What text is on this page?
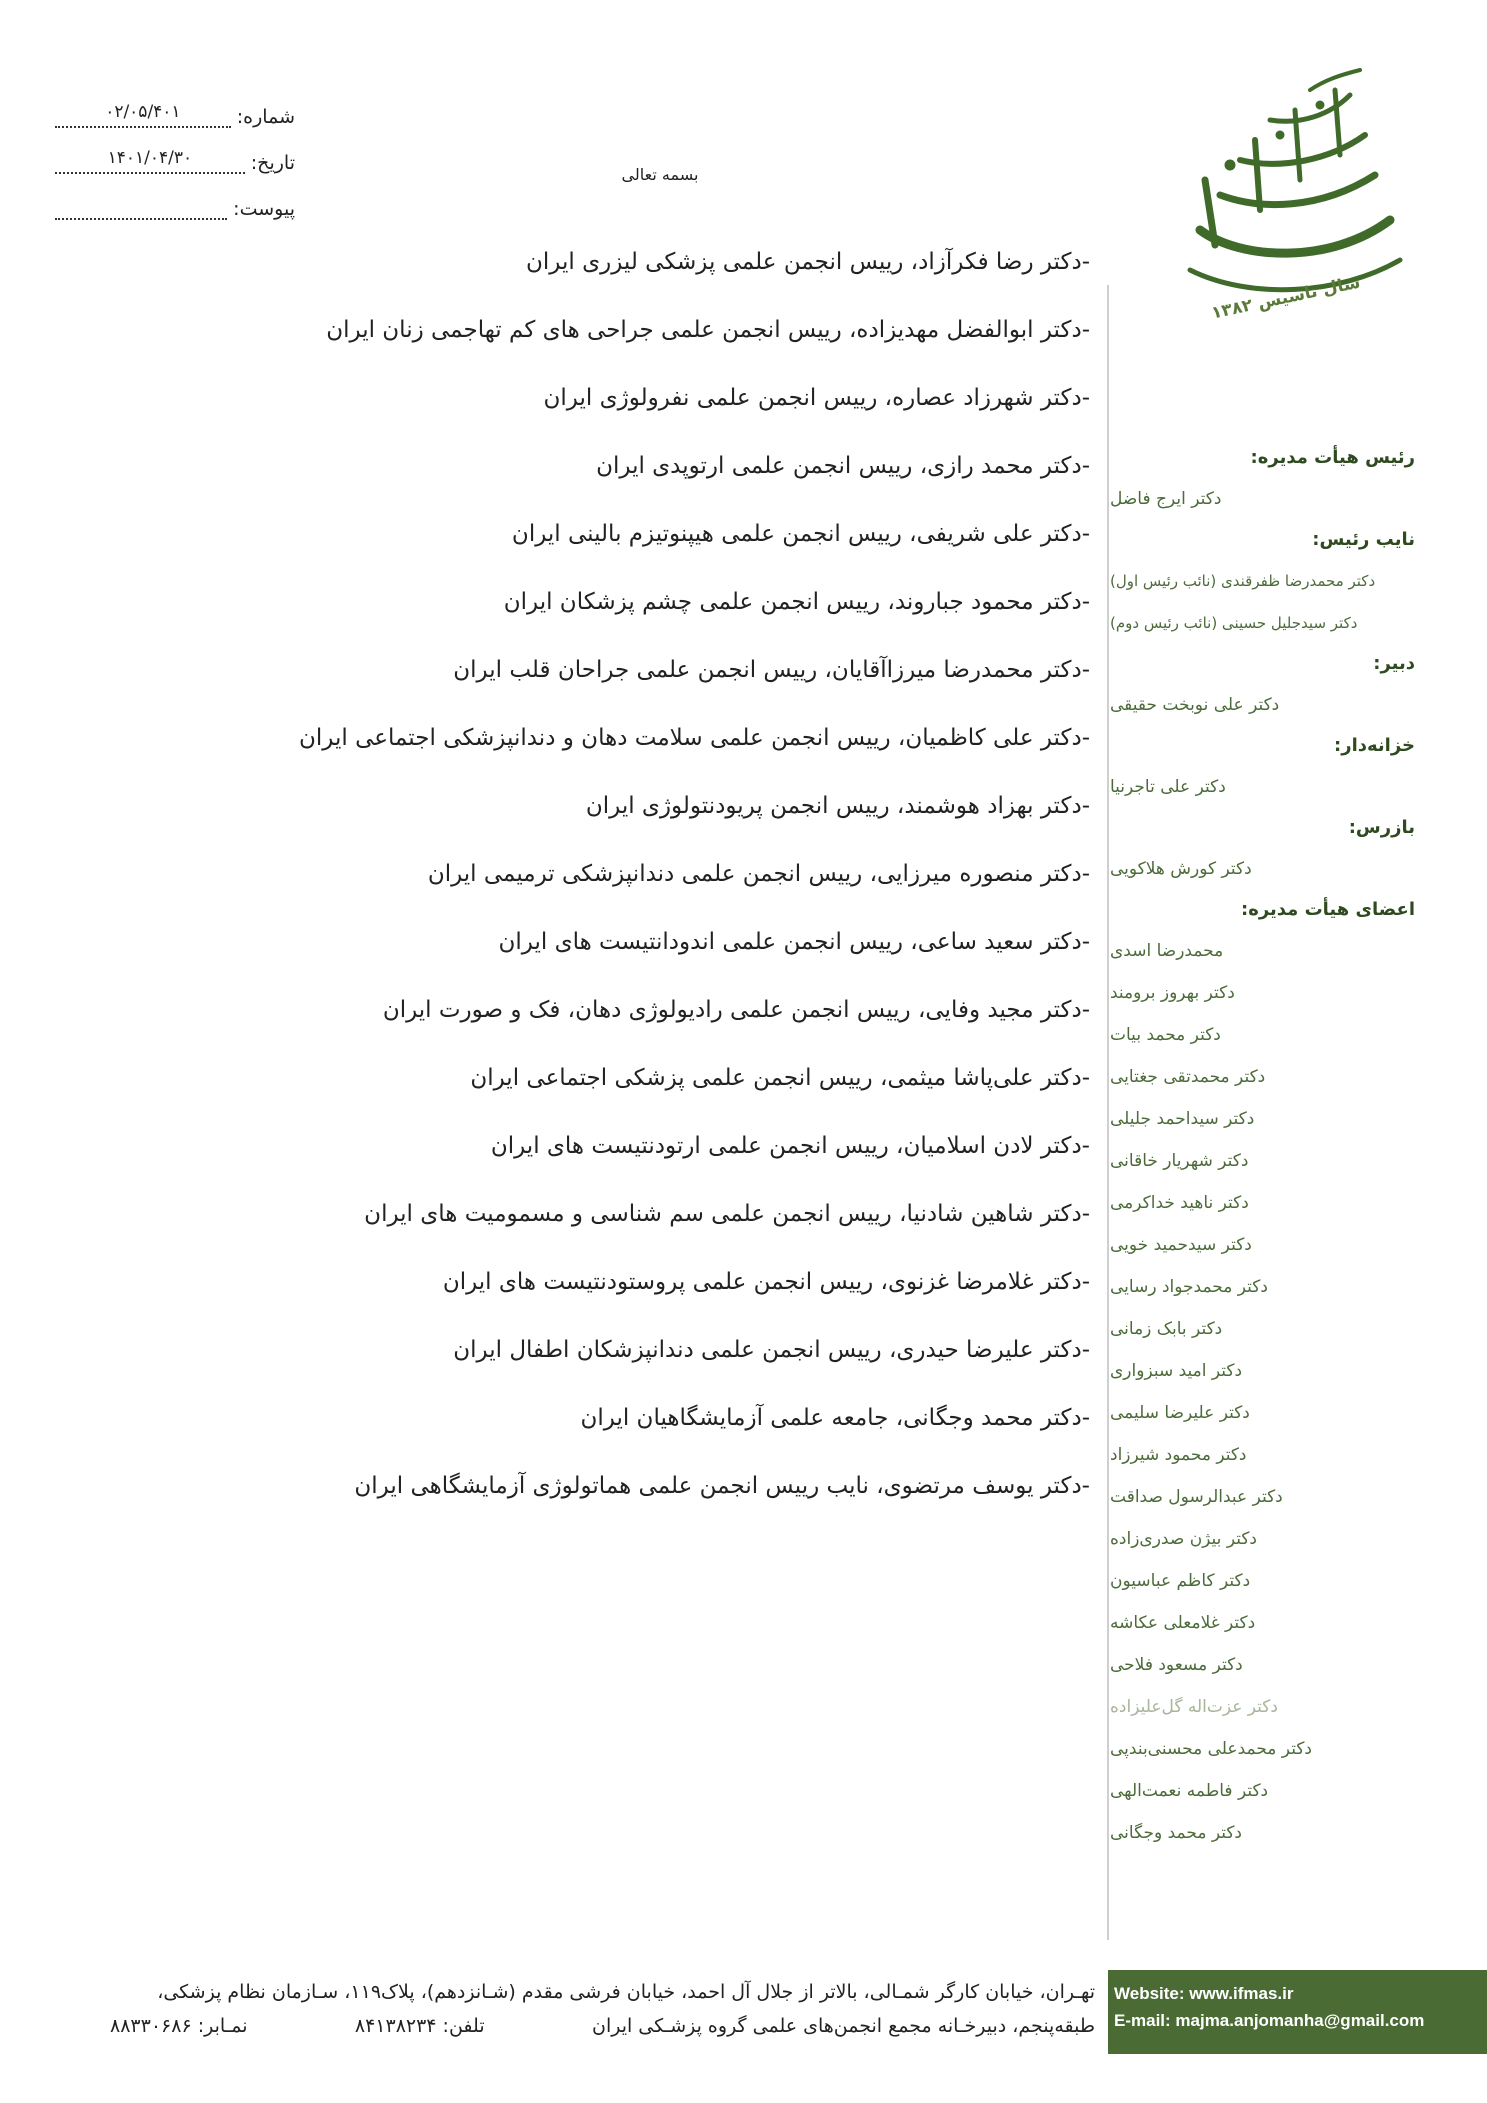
سال تاسیس ۱۳۸۲
شماره:
۰۲/۰۵/۴۰۱
تاریخ:
۱۴۰۱/۰۴/۳۰
پیوست:
بسمه تعالی
-دکتر رضا فکرآزاد، رییس انجمن علمی پزشکی لیزری ایران
-دکتر ابوالفضل مهدیزاده، رییس انجمن علمی جراحی های کم تهاجمی زنان ایران
-دکتر شهرزاد عصاره، رییس انجمن علمی نفرولوژی ایران
-دکتر محمد رازی، رییس انجمن علمی ارتوپدی ایران
-دکتر علی شریفی، رییس انجمن علمی هیپنوتیزم بالینی ایران
-دکتر محمود جباروند، رییس انجمن علمی چشم پزشکان ایران
-دکتر محمدرضا میرزاآقایان، رییس انجمن علمی جراحان قلب ایران
-دکتر علی کاظمیان، رییس انجمن علمی سلامت دهان و دندانپزشکی اجتماعی ایران
-دکتر بهزاد هوشمند، رییس انجمن پریودنتولوژی ایران
-دکتر منصوره میرزایی، رییس انجمن علمی دندانپزشکی ترمیمی ایران
-دکتر سعید ساعی، رییس انجمن علمی اندودانتیست های ایران
-دکتر مجید وفایی، رییس انجمن علمی رادیولوژی دهان، فک و صورت ایران
-دکتر علی‌پاشا میثمی، رییس انجمن علمی پزشکی اجتماعی ایران
-دکتر لادن اسلامیان، رییس انجمن علمی ارتودنتیست های ایران
-دکتر شاهین شادنیا، رییس انجمن علمی سم شناسی و مسمومیت های ایران
-دکتر غلامرضا غزنوی، رییس انجمن علمی پروستودنتیست های ایران
-دکتر علیرضا حیدری، رییس انجمن علمی دندانپزشکان اطفال ایران
-دکتر محمد وجگانی، جامعه علمی آزمایشگاهیان ایران
-دکتر یوسف مرتضوی، نایب رییس انجمن علمی هماتولوژی آزمایشگاهی ایران
رئیس هیأت مدیره:
دکتر ایرج فاضل
نایب رئیس:
دکتر محمدرضا ظفرقندی (نائب رئیس اول)
دکتر سیدجلیل حسینی (نائب رئیس دوم)
دبیر:
دکتر علی نوبخت حقیقی
خزانه‌دار:
دکتر علی تاجرنیا
بازرس:
دکتر کورش هلاکویی
اعضای هیأت مدیره:
محمدرضا اسدی
دکتر بهروز برومند
دکتر محمد بیات
دکتر محمدتقی جغتایی
دکتر سیداحمد جلیلی
دکتر شهریار خاقانی
دکتر ناهید خداکرمی
دکتر سیدحمید خویی
دکتر محمدجواد رسایی
دکتر بابک زمانی
دکتر امید سبزواری
دکتر علیرضا سلیمی
دکتر محمود شیرزاد
دکتر عبدالرسول صداقت
دکتر بیژن صدری‌زاده
دکتر کاظم عباسیون
دکتر غلامعلی عکاشه
دکتر مسعود فلاحی
دکتر عزت‌اله گل‌علیزاده
دکتر محمدعلی محسنی‌بندپی
دکتر فاطمه نعمت‌الهی
دکتر محمد وجگانی
تهـران، خیابان کارگر شمـالی، بالاتر از جلال آل احمد، خیابان فرشی مقدم (شـانزدهم)، پلاک۱۱۹، سـازمان نظام پزشکی،
طبقه‌پنجم، دبیرخـانه مجمع انجمن‌های علمی گروه پزشـکی ایران
تلفن: ۸۴۱۳۸۲۳۴
نمـابر: ۸۸۳۳۰۶۸۶
Website: www.ifmas.ir
E-mail: majma.anjomanha@gmail.com
